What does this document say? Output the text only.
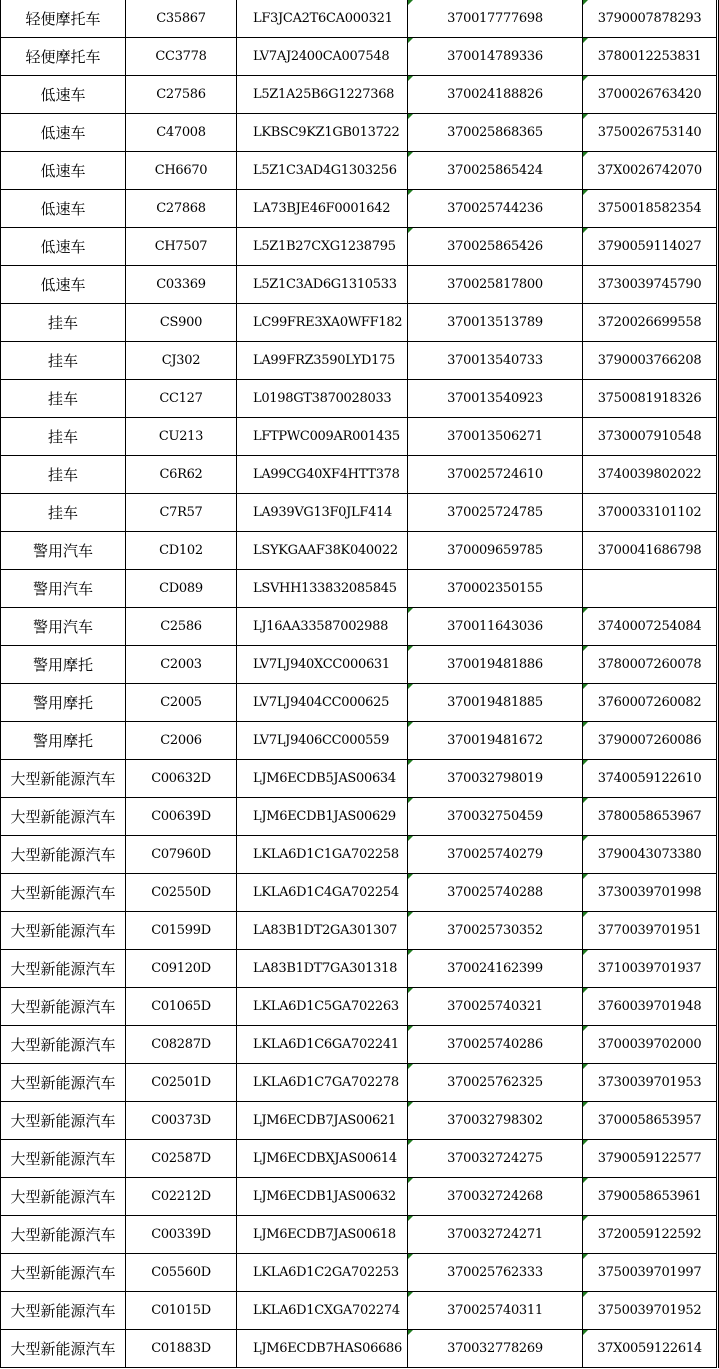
轻便摩托车	C35867	LF3JCA2T6CA000321	370017777698	3790007878293
轻便摩托车	CC3778	LV7AJ2400CA007548	370014789336	3780012253831
低速车	C27586	L5Z1A25B6G1227368	370024188826	3700026763420
低速车	C47008	LKBSC9KZ1GB013722	370025868365	3750026753140
低速车	CH6670	L5Z1C3AD4G1303256	370025865424	37X0026742070
低速车	C27868	LA73BJE46F0001642	370025744236	3750018582354
低速车	CH7507	L5Z1B27CXG1238795	370025865426	3790059114027
低速车	C03369	L5Z1C3AD6G1310533	370025817800	3730039745790
挂车	CS900	LC99FRE3XA0WFF182	370013513789	3720026699558
挂车	CJ302	LA99FRZ3590LYD175	370013540733	3790003766208
挂车	CC127	L0198GT3870028033	370013540923	3750081918326
挂车	CU213	LFTPWC009AR001435	370013506271	3730007910548
挂车	C6R62	LA99CG40XF4HTT378	370025724610	3740039802022
挂车	C7R57	LA939VG13F0JLF414	370025724785	3700033101102
警用汽车	CD102	LSYKGAAF38K040022	370009659785	3700041686798
警用汽车	CD089	LSVHH133832085845	370002350155	
警用汽车	C2586	LJ16AA33587002988	370011643036	3740007254084
警用摩托	C2003	LV7LJ940XCC000631	370019481886	3780007260078
警用摩托	C2005	LV7LJ9404CC000625	370019481885	3760007260082
警用摩托	C2006	LV7LJ9406CC000559	370019481672	3790007260086
大型新能源汽车	C00632D	LJM6ECDB5JAS00634	370032798019	3740059122610
大型新能源汽车	C00639D	LJM6ECDB1JAS00629	370032750459	3780058653967
大型新能源汽车	C07960D	LKLA6D1C1GA702258	370025740279	3790043073380
大型新能源汽车	C02550D	LKLA6D1C4GA702254	370025740288	3730039701998
大型新能源汽车	C01599D	LA83B1DT2GA301307	370025730352	3770039701951
大型新能源汽车	C09120D	LA83B1DT7GA301318	370024162399	3710039701937
大型新能源汽车	C01065D	LKLA6D1C5GA702263	370025740321	3760039701948
大型新能源汽车	C08287D	LKLA6D1C6GA702241	370025740286	3700039702000
大型新能源汽车	C02501D	LKLA6D1C7GA702278	370025762325	3730039701953
大型新能源汽车	C00373D	LJM6ECDB7JAS00621	370032798302	3700058653957
大型新能源汽车	C02587D	LJM6ECDBXJAS00614	370032724275	3790059122577
大型新能源汽车	C02212D	LJM6ECDB1JAS00632	370032724268	3790058653961
大型新能源汽车	C00339D	LJM6ECDB7JAS00618	370032724271	3720059122592
大型新能源汽车	C05560D	LKLA6D1C2GA702253	370025762333	3750039701997
大型新能源汽车	C01015D	LKLA6D1CXGA702274	370025740311	3750039701952
大型新能源汽车	C01883D	LJM6ECDB7HAS06686	370032778269	37X0059122614
